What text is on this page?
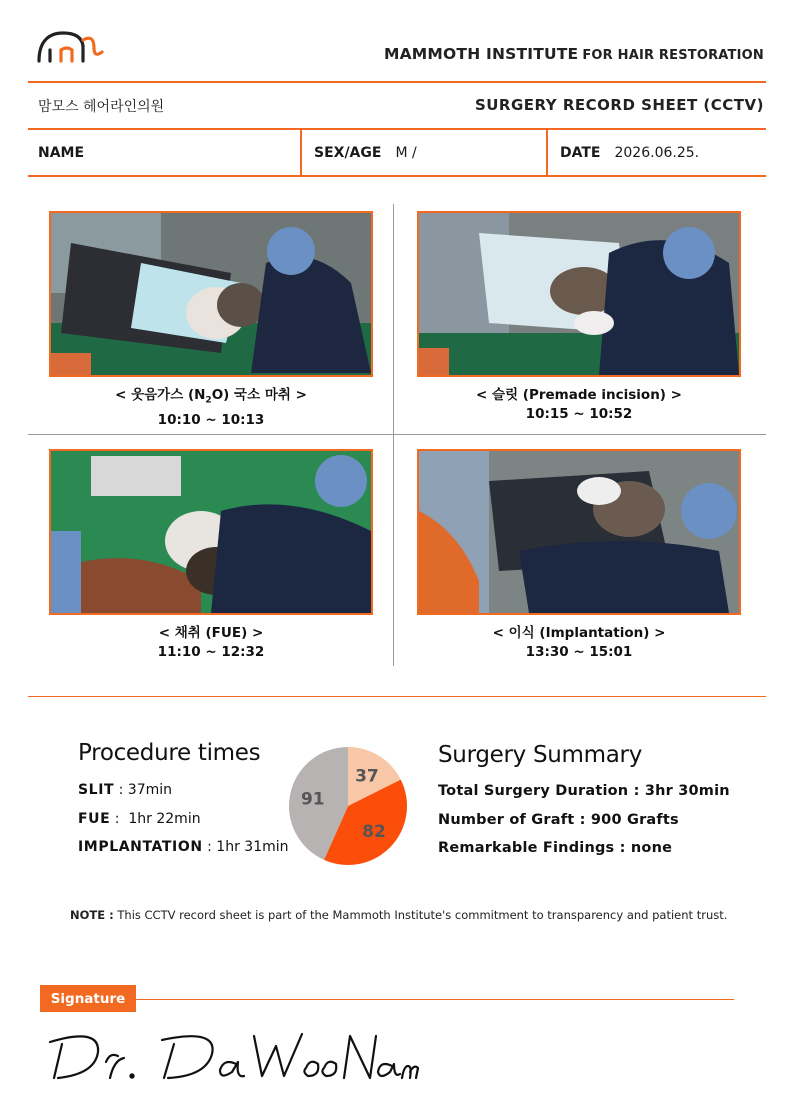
MAMMOTH INSTITUTE FOR HAIR RESTORATION
맘모스 헤어라인의원	SURGERY RECORD SHEET (CCTV)
NAME	SEX/AGE M /	DATE 2026.06.25.
< 웃음가스 $(N_2O)$ 국소 마취 >
10:10 ~ 10:13
< 슬릿 (Premade incision) >
10:15 ~ 10:52
< 채취 (FUE) >
11:10 ~ 12:32
< 이식 (Implantation) >
13:30 ~ 15:01
Procedure times
SLIT : 37min
FUE :  1hr 22min
IMPLANTATION : 1hr 31min
37
82
91
Surgery Summary
Total Surgery Duration : 3hr 30min
Number of Graft : 900 Grafts
Remarkable Findings : none
NOTE : This CCTV record sheet is part of the Mammoth Institute's commitment to transparency and patient trust.
Signature
